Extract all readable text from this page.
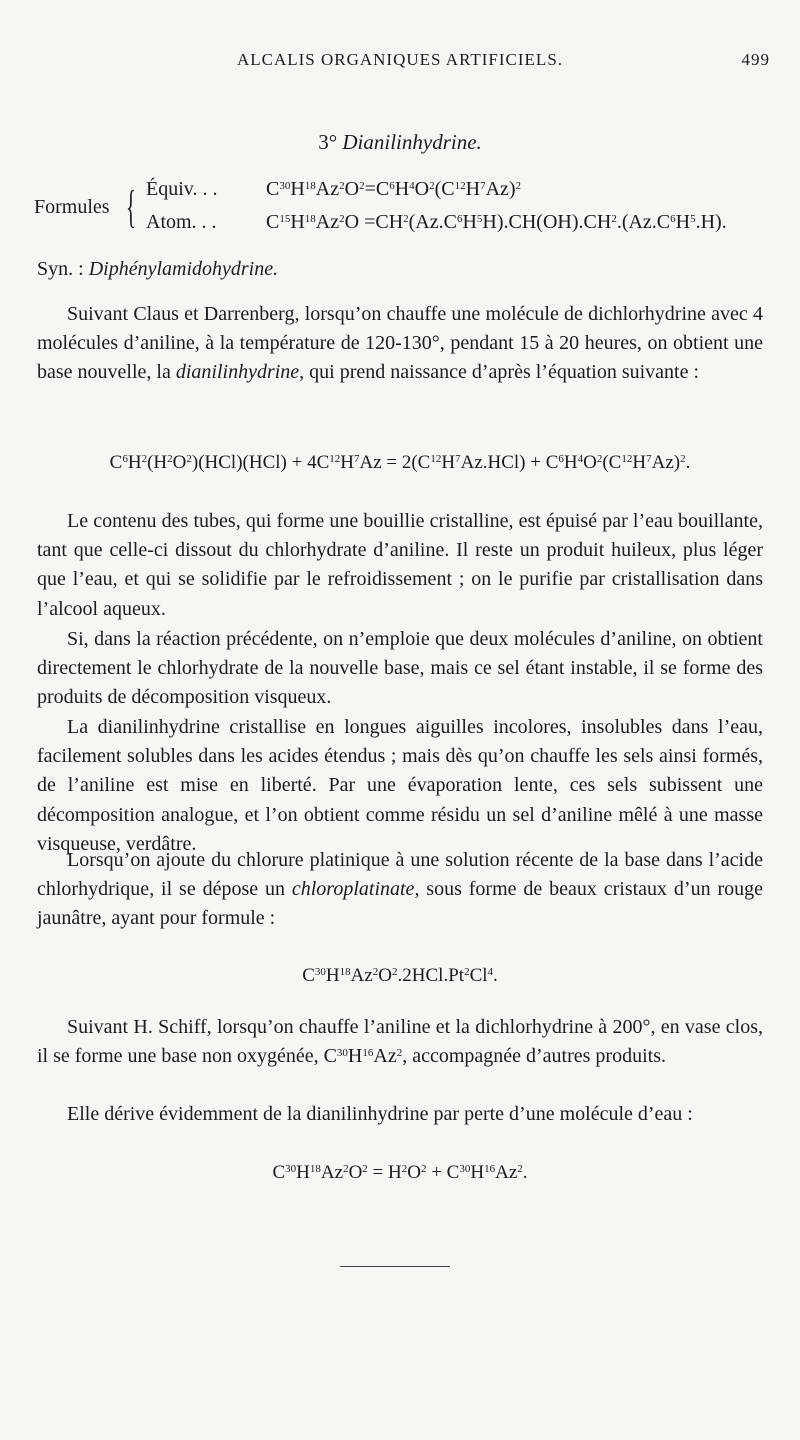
ALCALIS ORGANIQUES ARTIFICIELS.	499
3° Dianilinhydrine.
Formules { Équiv. . . $C^{30}H^{18}Az^2O^2=C^6H^4O^2(C^{12}H^7Az)^2$
Atom. . . $C^{15}H^{18}Az^2O =CH^2(Az.C^6H^5H).CH(OH).CH^2.(Az.C^6H^5.H)$.
Syn. : Diphénylamidohydrine.

Suivant Claus et Darrenberg, lorsqu’on chauffe une molécule de dichlorhydrine avec 4 molécules d’aniline, à la température de 120-130°, pendant 15 à 20 heures, on obtient une base nouvelle, la dianilinhydrine, qui prend naissance d’après l’équation suivante :

$C^6H^2(H^2O^2)(HCl)(HCl) + 4C^{12}H^7Az = 2(C^{12}H^7Az.HCl) + C^6H^4O^2(C^{12}H^7Az)^2$.

Le contenu des tubes, qui forme une bouillie cristalline, est épuisé par l’eau bouillante, tant que celle-ci dissout du chlorhydrate d’aniline. Il reste un produit huileux, plus léger que l’eau, et qui se solidifie par le refroidissement ; on le purifie par cristallisation dans l’alcool aqueux.

Si, dans la réaction précédente, on n’emploie que deux molécules d’aniline, on obtient directement le chlorhydrate de la nouvelle base, mais ce sel étant instable, il se forme des produits de décomposition visqueux.

La dianilinhydrine cristallise en longues aiguilles incolores, insolubles dans l’eau, facilement solubles dans les acides étendus ; mais dès qu’on chauffe les sels ainsi formés, de l’aniline est mise en liberté. Par une évaporation lente, ces sels subissent une décomposition analogue, et l’on obtient comme résidu un sel d’aniline mêlé à une masse visqueuse, verdâtre.

Lorsqu’on ajoute du chlorure platinique à une solution récente de la base dans l’acide chlorhydrique, il se dépose un chloroplatinate, sous forme de beaux cristaux d’un rouge jaunâtre, ayant pour formule :

$C^{30}H^{18}Az^2O^2.2HCl.Pt^2Cl^4$.

Suivant H. Schiff, lorsqu’on chauffe l’aniline et la dichlorhydrine à 200°, en vase clos, il se forme une base non oxygénée, $C^{30}H^{16}Az^2$, accompagnée d’autres produits.

Elle dérive évidemment de la dianilinhydrine par perte d’une molécule d’eau :

$C^{30}H^{18}Az^2O^2 = H^2O^2 + C^{30}H^{16}Az^2$.
